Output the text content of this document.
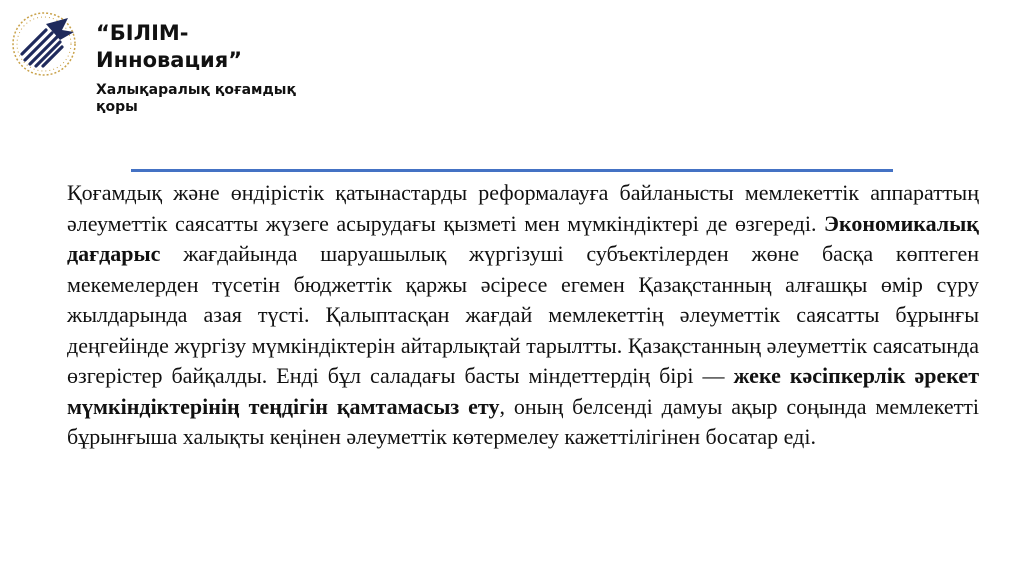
“БІЛІМ-
Инновация”
Халықаралық қоғамдық
қоры

Қоғамдық және өндірістік қатынастарды реформалауға байланысты мемлекеттік аппараттың әлеуметтік саясатты жүзеге асырудағы қызметі мен мүмкіндіктері де өзгереді. Экономикалық дағдарыс жағдайында шаруашылық жүргізуші субъектілерден жөне басқа көптеген мекемелерден түсетін бюджеттік қаржы әсіресе егемен Қазақстанның алғашқы өмір сүру жылдарында азая түсті. Қалыптасқан жағдай мемлекеттің әлеуметтік саясатты бұрынғы деңгейінде жүргізу мүмкіндіктерін айтарлықтай тарылтты. Қазақстанның әлеуметтік саясатында өзгерістер байқалды. Енді бұл саладағы басты міндеттердің бірі — жеке кәсіпкерлік әрекет мүмкіндіктерінің теңдігін қамтамасыз ету, оның белсенді дамуы ақыр соңында мемлекетті бұрынғыша халықты кеңінен әлеуметтік көтермелеу кажеттілігінен босатар еді.
